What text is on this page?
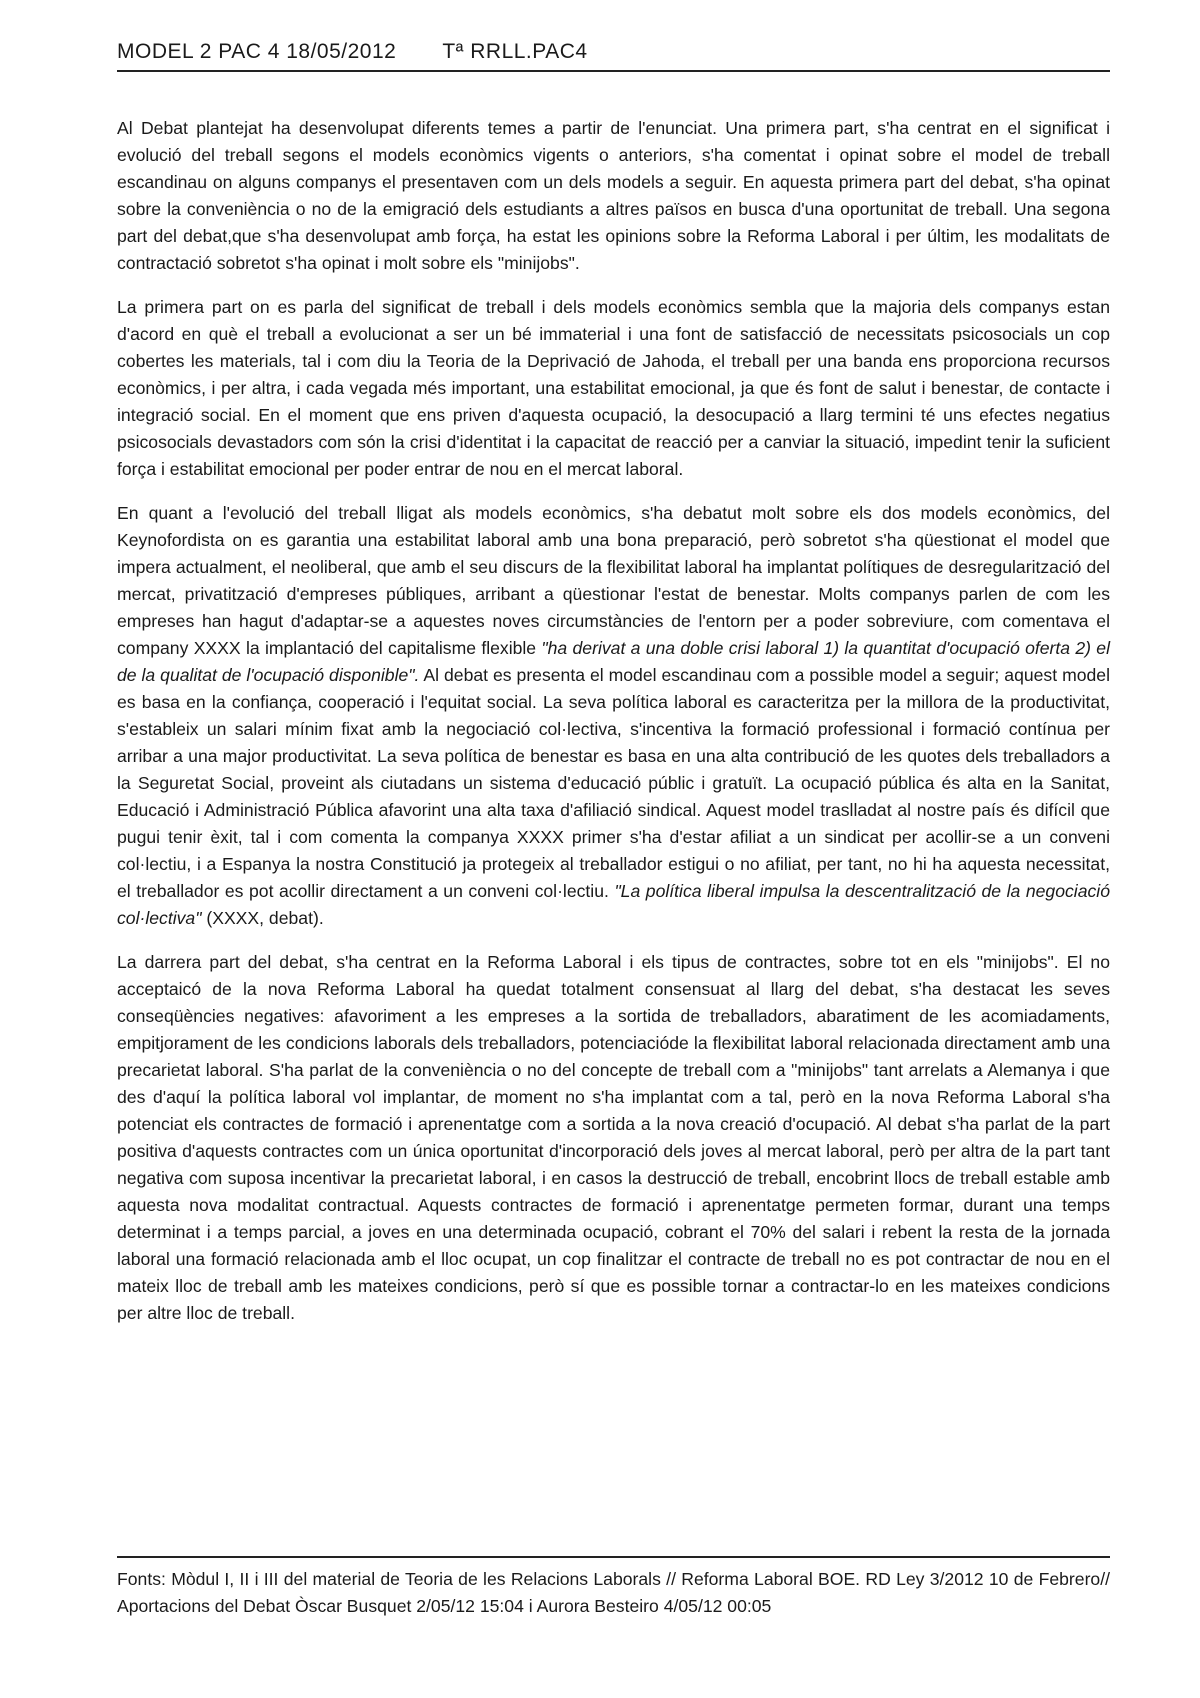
MODEL 2 PAC 4 18/05/2012 Tª RRLL.PAC4

Al Debat plantejat ha desenvolupat diferents temes a partir de l'enunciat. Una primera part, s'ha centrat en el significat i evolució del treball segons el models econòmics vigents o anteriors, s'ha comentat i opinat sobre el model de treball escandinau on alguns companys el presentaven com un dels models a seguir. En aquesta primera part del debat, s'ha opinat sobre la conveniència o no de la emigració dels estudiants a altres països en busca d'una oportunitat de treball. Una segona part del debat,que s'ha desenvolupat amb força, ha estat les opinions sobre la Reforma Laboral i per últim, les modalitats de contractació sobretot s'ha opinat i molt sobre els "minijobs".

La primera part on es parla del significat de treball i dels models econòmics sembla que la majoria dels companys estan d'acord en què el treball a evolucionat a ser un bé immaterial i una font de satisfacció de necessitats psicosocials un cop cobertes les materials, tal i com diu la Teoria de la Deprivació de Jahoda, el treball per una banda ens proporciona recursos econòmics, i per altra, i cada vegada més important, una estabilitat emocional, ja que és font de salut i benestar, de contacte i integració social. En el moment que ens priven d'aquesta ocupació, la desocupació a llarg termini té uns efectes negatius psicosocials devastadors com són la crisi d'identitat i la capacitat de reacció per a canviar la situació, impedint tenir la suficient força i estabilitat emocional per poder entrar de nou en el mercat laboral.

En quant a l'evolució del treball lligat als models econòmics, s'ha debatut molt sobre els dos models econòmics, del Keynofordista on es garantia una estabilitat laboral amb una bona preparació, però sobretot s'ha qüestionat el model que impera actualment, el neoliberal, que amb el seu discurs de la flexibilitat laboral ha implantat polítiques de desregularització del mercat, privatització d'empreses públiques, arribant a qüestionar l'estat de benestar. Molts companys parlen de com les empreses han hagut d'adaptar-se a aquestes noves circumstàncies de l'entorn per a poder sobreviure, com comentava el company XXXX la implantació del capitalisme flexible "ha derivat a una doble crisi laboral 1) la quantitat d'ocupació oferta 2) el de la qualitat de l'ocupació disponible". Al debat es presenta el model escandinau com a possible model a seguir; aquest model es basa en la confiança, cooperació i l'equitat social. La seva política laboral es caracteritza per la millora de la productivitat, s'estableix un salari mínim fixat amb la negociació col·lectiva, s'incentiva la formació professional i formació contínua per arribar a una major productivitat. La seva política de benestar es basa en una alta contribució de les quotes dels treballadors a la Seguretat Social, proveint als ciutadans un sistema d'educació públic i gratuït. La ocupació pública és alta en la Sanitat, Educació i Administració Pública afavorint una alta taxa d'afiliació sindical. Aquest model traslladat al nostre país és difícil que pugui tenir èxit, tal i com comenta la companya XXXX primer s'ha d'estar afiliat a un sindicat per acollir-se a un conveni col·lectiu, i a Espanya la nostra Constitució ja protegeix al treballador estigui o no afiliat, per tant, no hi ha aquesta necessitat, el treballador es pot acollir directament a un conveni col·lectiu. "La política liberal impulsa la descentralització de la negociació col·lectiva" (XXXX, debat).

La darrera part del debat, s'ha centrat en la Reforma Laboral i els tipus de contractes, sobre tot en els "minijobs". El no acceptaicó de la nova Reforma Laboral ha quedat totalment consensuat al llarg del debat, s'ha destacat les seves conseqüències negatives: afavoriment a les empreses a la sortida de treballadors, abaratiment de les acomiadaments, empitjorament de les condicions laborals dels treballadors, potenciacióde la flexibilitat laboral relacionada directament amb una precarietat laboral. S'ha parlat de la conveniència o no del concepte de treball com a "minijobs" tant arrelats a Alemanya i que des d'aquí la política laboral vol implantar, de moment no s'ha implantat com a tal, però en la nova Reforma Laboral s'ha potenciat els contractes de formació i aprenentatge com a sortida a la nova creació d'ocupació. Al debat s'ha parlat de la part positiva d'aquests contractes com un única oportunitat d'incorporació dels joves al mercat laboral, però per altra de la part tant negativa com suposa incentivar la precarietat laboral, i en casos la destrucció de treball, encobrint llocs de treball estable amb aquesta nova modalitat contractual. Aquests contractes de formació i aprenentatge permeten formar, durant una temps determinat i a temps parcial, a joves en una determinada ocupació, cobrant el 70% del salari i rebent la resta de la jornada laboral una formació relacionada amb el lloc ocupat, un cop finalitzar el contracte de treball no es pot contractar de nou en el mateix lloc de treball amb les mateixes condicions, però sí que es possible tornar a contractar-lo en les mateixes condicions per altre lloc de treball.

Fonts: Mòdul I, II i III del material de Teoria de les Relacions Laborals // Reforma Laboral BOE. RD Ley 3/2012 10 de Febrero// Aportacions del Debat Òscar Busquet 2/05/12 15:04 i Aurora Besteiro 4/05/12 00:05
